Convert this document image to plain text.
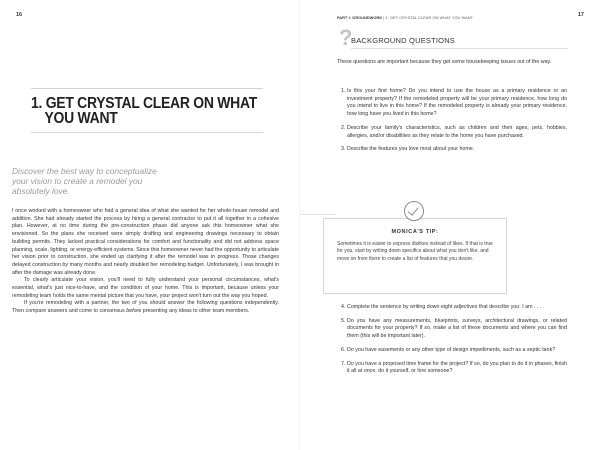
16
1. GET CRYSTAL CLEAR ON WHAT
YOU WANT
Discover the best way to conceptualize your vision to create a remodel you absolutely love.

I once worked with a homeowner who had a general idea of what she wanted for her whole-house remodel and addition. She had already started the process by hiring a general contractor to put it all together in a cohesive plan. However, at no time during the pre-construction phase did anyone ask this homeowner what she envisioned. So the plans she received were simply drafting and engineering drawings necessary to obtain building permits. They lacked practical considerations for comfort and functionality and did not address space planning, scale, lighting, or energy-efficient systems. Since this homeowner never had the opportunity to articulate her vision prior to construction, she ended up clarifying it after the remodel was in progress. Those changes delayed construction by many months and nearly doubled her remodeling budget. Unfortunately, I was brought in after the damage was already done.

To clearly articulate your vision, you'll need to fully understand your personal circumstances, what's essential, what's just nice-to-have, and the condition of your home. This is important, because unless your remodeling team holds the same mental picture that you have, your project won't turn out the way you hoped.

If you're remodeling with a partner, the two of you should answer the following questions independently. Then compare answers and come to consensus before presenting any ideas to other team members.

PART I: GROUNDWORK | 1. GET CRYSTAL CLEAR ON WHAT YOU WANT	17
?
BACKGROUND QUESTIONS
These questions are important because they get some housekeeping issues out of the way.
1. Is this your first home? Do you intend to use the house as a primary residence or an investment property? If the remodeled property will be your primary residence, how long do you intend to live in this home? If the remodeled property is already your primary residence, how long have you lived in this home?
2. Describe your family's characteristics, such as children and their ages, pets, hobbies, allergies, and/or disabilities as they relate to the home you have purchased.
3. Describe the features you love most about your home.
MONICA'S TIP:
Sometimes it is easier to express dislikes instead of likes. If that is true for you, start by writing down specifics about what you don't like, and move on from there to create a list of features that you desire.
4. Complete the sentence by writing down eight adjectives that describe you: I am . . .
5. Do you have any measurements, blueprints, surveys, architectural drawings, or related documents for your property? If so, make a list of these documents and where you can find them (this will be important later).
6. Do you have easements or any other type of design impediments, such as a septic tank?
7. Do you have a proposed time frame for the project? If so, do you plan to do it in phases, finish it all at once, do it yourself, or hire someone?
